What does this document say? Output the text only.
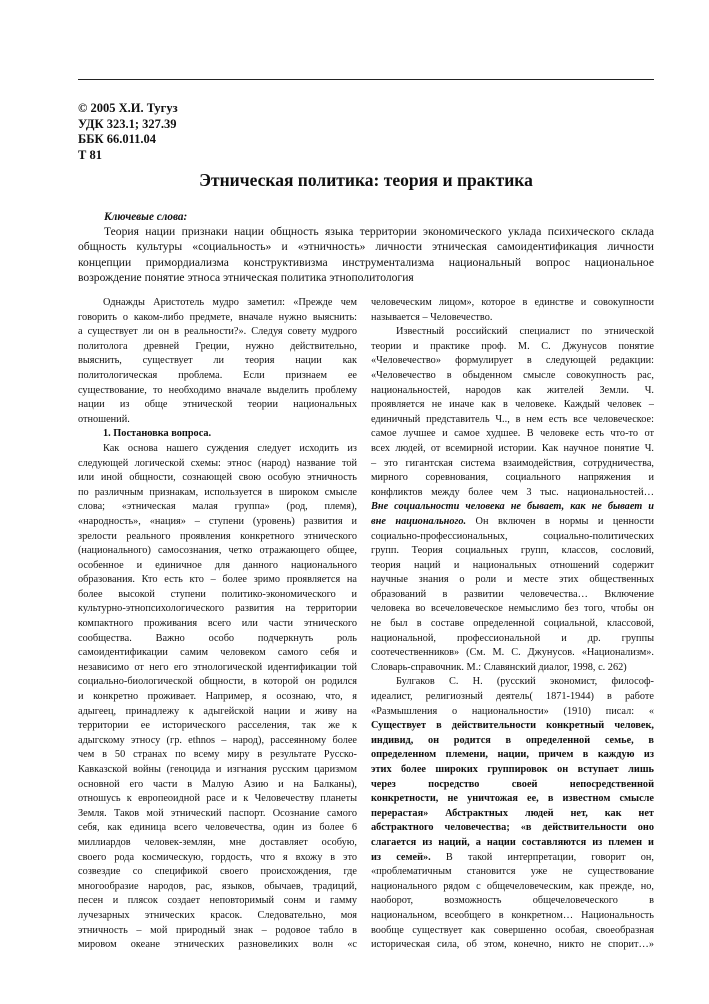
© 2005 Х.И. Тугуз
УДК 323.1; 327.39
ББК 66.011.04
Т 81
Этническая политика: теория и практика
Ключевые слова:
Теория нации признаки нации общность языка территории экономического уклада психического склада
общность культуры «социальность» и «этничность» личности этническая самоидентификация личности
концепции примордиализма конструктивизма инструментализма национальный вопрос национальное
возрождение понятие этноса этническая политика этнополитология
Однажды Аристотель мудро заметил: «Прежде чем
говорить о каком-либо предмете, вначале нужно выяснить:
а существует ли он в реальности?». Следуя совету мудрого
политолога древней Греции, нужно действительно,
выяснить, существует ли теория нации как
политологическая проблема. Если признаем ее
существование, то необходимо вначале выделить проблему
нации из обще этнической теории национальных
отношений.
1. Постановка вопроса.
Как основа нашего суждения следует исходить из
следующей логической схемы: этнос (народ) название той
или иной общности, сознающей свою особую этничность
по различным признакам, используется в широком смысле
слова; «этническая малая группа» (род, племя),
«народность», «нация» – ступени (уровень) развития и
зрелости реального проявления конкретного этнического
(национального) самосознания, четко отражающего общее,
особенное и единичное для данного национального
образования. Кто есть кто – более зримо проявляется на
более высокой ступени политико-экономического и
культурно-этнопсихологического развития на территории
компактного проживания всего или части этнического
сообщества. Важно особо подчеркнуть роль
самоидентификации самим человеком самого себя и
независимо от него его этнологической идентификации той
социально-биологической общности, в которой он родился
и конкретно проживает. Например, я осознаю, что, я
адыгеец, принадлежу к адыгейской нации и живу на
территории ее исторического расселения, так же к
адыгскому этносу (гр. ethnos – народ), рассеянному более
чем в 50 странах по всему миру в результате Русско-
Кавказской войны (геноцида и изгнания русским царизмом
основной его части в Малую Азию и на Балканы),
отношусь к европеоидной расе и к Человечеству планеты
Земля. Таков мой этнический паспорт. Осознание самого
себя, как единица всего человечества, один из более 6
миллиардов человек-землян, мне доставляет особую,
своего рода космическую, гордость, что я вхожу в это
созвездие со спецификой своего происхождения, где
многообразие народов, рас, языков, обычаев, традиций,
песен и плясок создает неповторимый сонм и гамму
лучезарных этнических красок. Следовательно, моя
этничность – мой природный знак – родовое табло в
мировом океане этнических разновеликих волн «с
человеческим лицом», которое в единстве и совокупности
называется – Человечество.
Известный российский специалист по этнической
теории и практике проф. М. С. Джунусов понятие
«Человечество» формулирует в следующей редакции:
«Человечество в обыденном смысле совокупность рас,
национальностей, народов как жителей Земли. Ч.
проявляется не иначе как в человеке. Каждый человек –
единичный представитель Ч.., в нем есть все человеческое:
самое лучшее и самое худшее. В человеке есть что-то от
всех людей, от всемирной истории. Как научное понятие Ч.
– это гигантская система взаимодействия, сотрудничества,
мирного соревнования, социального напряжения и
конфликтов между более чем 3 тыс. национальностей…
Вне социальности человека не бывает, как не бывает и
вне национального. Он включен в нормы и ценности
социально-профессиональных, социально-политических
групп. Теория социальных групп, классов, сословий,
теория наций и национальных отношений содержит
научные знания о роли и месте этих общественных
образований в развитии человечества… Включение
человека во всечеловеческое немыслимо без того, чтобы он
не был в составе определенной социальной, классовой,
национальной, профессиональной и др. группы
соотечественников» (См. М. С. Джунусов. «Национализм».
Словарь-справочник. М.: Славянский диалог, 1998, с. 262)
Булгаков С. Н. (русский экономист, философ-
идеалист, религиозный деятель( 1871-1944) в работе
«Размышления о национальности» (1910) писал: «
Существует в действительности конкретный человек,
индивид, он родится в определенной семье, в
определенном племени, нации, причем в каждую из
этих более широких группировок он вступает лишь
через посредство своей непосредственной
конкретности, не уничтожая ее, в известном смысле
перерастая» Абстрактных людей нет, как нет
абстрактного человечества; «в действительности оно
слагается из наций, а нации составляются из племен и
из семей». В такой интерпретации, говорит он,
«проблематичным становится уже не существование
национального рядом с общечеловеческим, как прежде, но,
наоборот, возможность общечеловеческого в
национальном, всеобщего в конкретном… Национальность
вообще существует как совершенно особая, своеобразная
историческая сила, об этом, конечно, никто не спорит…»
